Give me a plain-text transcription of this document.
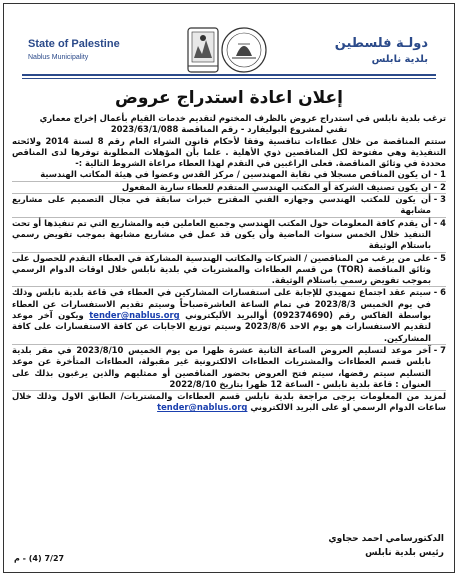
State of Palestine
Nablus Municipality
دولـة فلسطين
بلدية نابلس
إعلان اعادة استدراج عروض

ترغب بلدية نابلس في استدراج عروض بالظرف المختوم لتقديم خدمات القيام بأعمال إخراج معماري

تقني لمشروع البوليفارد - رقم المناقصة 2023/63/1/088

ستتم المناقصة من خلال عطاءات تنافسية وفقا لأحكام قانون الشراء العام رقم 8 لسنة 2014 ولائحته التنفيذية وهي مفتوحة لكل المناقصين ذوي الأهلية . علما بأن المؤهلات المطلوبة توفرها لدى المناقص محددة في وثائق المناقصة. فعلى الراغبين في التقدم لهذا العطاء مراعاة الشروط التالية :-

1 -
ان يكون المناقص مسجلا في نقابة المهندسين / مركز القدس وعضوا في هيئة المكاتب الهندسية
2 -
ان يكون تصنيف الشركة أو المكتب الهندسي المتقدم للعطاء سارية المفعول
3 -
أن يكون للمكتب الهندسي وجهازه الفني المقترح خبرات سابقة في مجال التصميم على مشاريع مشابهة
4 -
أن يقدم كافة المعلومات حول المكتب الهندسي وجميع العاملين فيه والمشاريع التي تم تنفيذها أو تحت التنفيذ خلال الخمس سنوات الماضية وأن يكون قد عمل في مشاريع مشابهة بموجب تفويض رسمي باستلام الوثيقة
5 -
على من يرغب من المناقصين / الشركات والمكاتب الهندسية المشاركة في العطاء التقدم للحصول على وثائق المناقصة (TOR) من قسم العطاءات والمشتريات في بلدية نابلس خلال اوقات الدوام الرسمي بموجب تفويض رسمي باستلام الوثيقة.
6 -
سيتم عقد اجتماع تمهيدي للإجابة على استفسارات المشاركين في العطاء في قاعة بلدية نابلس وذلك في يوم الخميس 2023/8/3 في تمام الساعة العاشرةصباحاً وسيتم تقديم الاستفسارات عن العطاء بواسطة الفاكس رقم (092374690) أوالبريد الأليكتروني tender@nablus.org ويكون آخر موعد لتقديم الاستفسارات هو يوم الاحد 2023/8/6 وسيتم توزيع الاجابات عن كافة الاستفسارات على كافة المشاركين.
7 -
آخر موعد لتسليم العروض الساعة الثانية عشرة ظهرا من يوم الخميس 2023/8/10 في مقر بلدية نابلس قسم العطاءات والمشتريات العطاءات الالكترونية غير مقبولة، العطاءات المتأخرة عن موعد التسليم سيتم رفضها، سيتم فتح العروض بحضور المناقصين أو ممثليهم والذين يرغبون بذلك على العنوان : قاعة بلدية نابلس - الساعة 12 ظهرا بتاريخ 2022/8/10

لمزيد من المعلومات يرجى مراجعة بلدية نابلس قسم العطاءات والمشتريات/ الطابق الاول وذلك خلال ساعات الدوام الرسمي او على البريد الالكتروني tender@nablus.org

الدكتورسامي احمد حجاوي
رئيس بلدية نابلس
7/27 (4) - م
